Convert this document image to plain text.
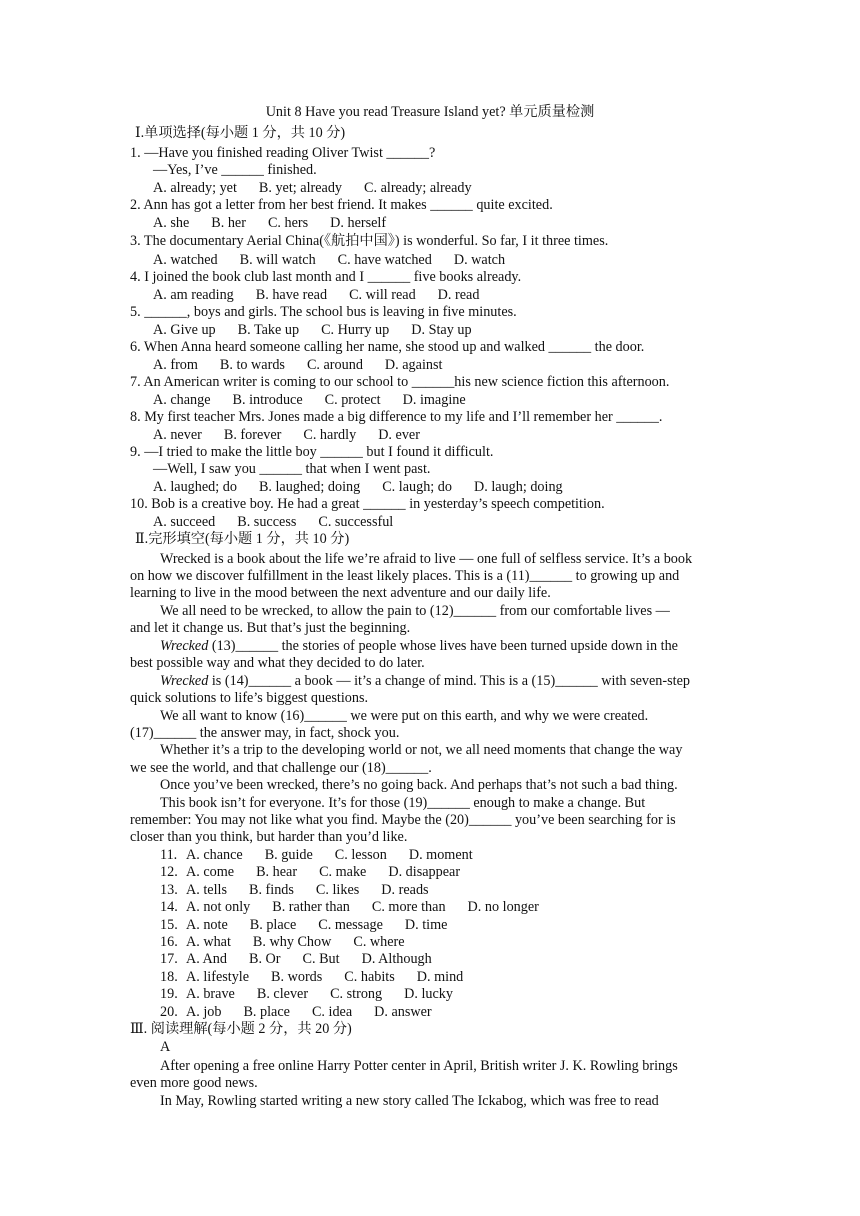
Unit 8 Have you read Treasure Island yet? 单元质量检测
Ⅰ.单项选择(每小题 1 分，共 10 分)
1. —Have you finished reading Oliver Twist ______?
—Yes, I’ve ______ finished.
A. already; yet B. yet; already C. already; already
2. Ann has got a letter from her best friend. It makes ______ quite excited.
A. she B. her C. hers D. herself
3. The documentary Aerial China(《航拍中国》) is wonderful. So far, I it three times.
A. watched B. will watch C. have watched D. watch
4. I joined the book club last month and I ______ five books already.
A. am reading B. have read C. will read D. read
5. ______, boys and girls. The school bus is leaving in five minutes.
A. Give up B. Take up C. Hurry up D. Stay up
6. When Anna heard someone calling her name, she stood up and walked ______ the door.
A. from B. to wards C. around D. against
7. An American writer is coming to our school to ______his new science fiction this afternoon.
A. change B. introduce C. protect D. imagine
8. My first teacher Mrs. Jones made a big difference to my life and I’ll remember her ______.
A. never B. forever C. hardly D. ever
9. —I tried to make the little boy ______ but I found it difficult.
—Well, I saw you ______ that when I went past.
A. laughed; do B. laughed; doing C. laugh; do D. laugh; doing
10. Bob is a creative boy. He had a great ______ in yesterday’s speech competition.
A. succeed B. success C. successful
Ⅱ.完形填空(每小题 1 分，共 10 分)
Wrecked is a book about the life we’re afraid to live — one full of selfless service. It’s a book
on how we discover fulfillment in the least likely places. This is a (11)______ to growing up and
learning to live in the mood between the next adventure and our daily life.
We all need to be wrecked, to allow the pain to (12)______ from our comfortable lives —
and let it change us. But that’s just the beginning.
Wrecked (13)______ the stories of people whose lives have been turned upside down in the
best possible way and what they decided to do later.
Wrecked is (14)______ a book — it’s a change of mind. This is a (15)______ with seven-step
quick solutions to life’s biggest questions.
We all want to know (16)______ we were put on this earth, and why we were created.
(17)______ the answer may, in fact, shock you.
Whether it’s a trip to the developing world or not, we all need moments that change the way
we see the world, and that challenge our (18)______.
Once you’ve been wrecked, there’s no going back. And perhaps that’s not such a bad thing.
This book isn’t for everyone. It’s for those (19)______ enough to make a change. But
remember: You may not like what you find. Maybe the (20)______ you’ve been searching for is
closer than you think, but harder than you’d like.
11. A. chance B. guide C. lesson D. moment
12. A. come B. hear C. make D. disappear
13. A. tells B. finds C. likes D. reads
14. A. not only B. rather than C. more than D. no longer
15. A. note B. place C. message D. time
16. A. what B. why Chow C. where
17. A. And B. Or C. But D. Although
18. A. lifestyle B. words C. habits D. mind
19. A. brave B. clever C. strong D. lucky
20. A. job B. place C. idea D. answer
Ⅲ. 阅读理解(每小题 2 分，共 20 分)
A
After opening a free online Harry Potter center in April, British writer J. K. Rowling brings
even more good news.
In May, Rowling started writing a new story called The Ickabog, which was free to read
